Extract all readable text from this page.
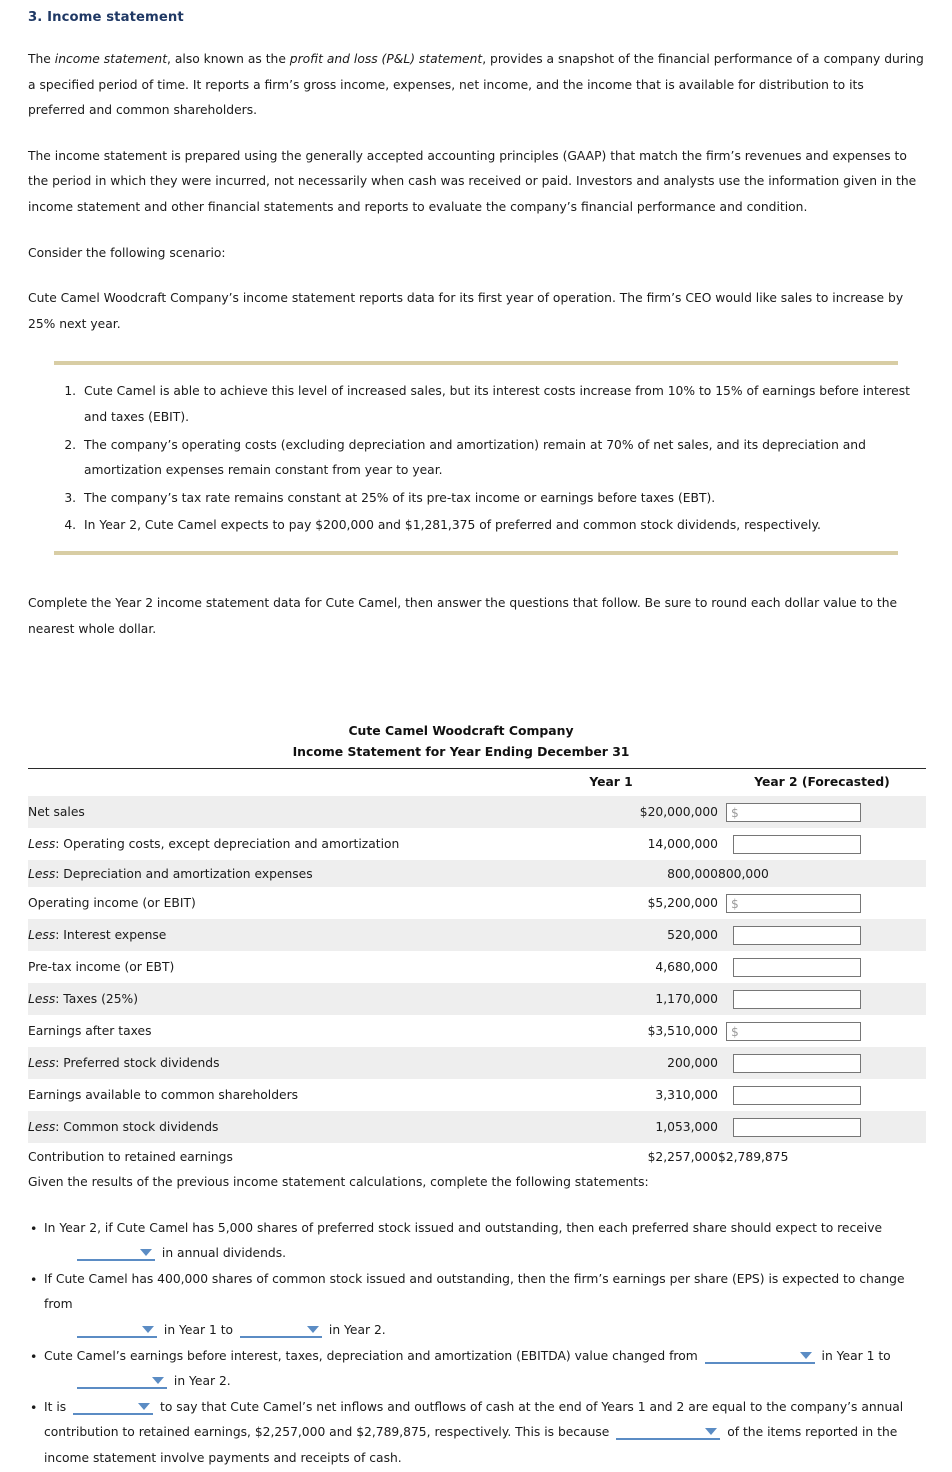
3. Income statement

The income statement, also known as the profit and loss (P&L) statement, provides a snapshot of the financial performance of a company during a specified period of time. It reports a firm’s gross income, expenses, net income, and the income that is available for distribution to its preferred and common shareholders.

The income statement is prepared using the generally accepted accounting principles (GAAP) that match the firm’s revenues and expenses to the period in which they were incurred, not necessarily when cash was received or paid. Investors and analysts use the information given in the income statement and other financial statements and reports to evaluate the company’s financial performance and condition.

Consider the following scenario:

Cute Camel Woodcraft Company’s income statement reports data for its first year of operation. The firm’s CEO would like sales to increase by 25% next year.

1. Cute Camel is able to achieve this level of increased sales, but its interest costs increase from 10% to 15% of earnings before interest and taxes (EBIT).
2. The company’s operating costs (excluding depreciation and amortization) remain at 70% of net sales, and its depreciation and amortization expenses remain constant from year to year.
3. The company’s tax rate remains constant at 25% of its pre-tax income or earnings before taxes (EBT).
4. In Year 2, Cute Camel expects to pay $200,000 and $1,281,375 of preferred and common stock dividends, respectively.

Complete the Year 2 income statement data for Cute Camel, then answer the questions that follow. Be sure to round each dollar value to the nearest whole dollar.

Cute Camel Woodcraft Company
Income Statement for Year Ending December 31
	Year 1	Year 2 (Forecasted)
Net sales	$20,000,000	$
Less: Operating costs, except depreciation and amortization	14,000,000	
Less: Depreciation and amortization expenses	800,000	800,000
Operating income (or EBIT)	$5,200,000	$
Less: Interest expense	520,000	
Pre-tax income (or EBT)	4,680,000	
Less: Taxes (25%)	1,170,000	
Earnings after taxes	$3,510,000	$
Less: Preferred stock dividends	200,000	
Earnings available to common shareholders	3,310,000	
Less: Common stock dividends	1,053,000	
Contribution to retained earnings	$2,257,000	$2,789,875

Given the results of the previous income statement calculations, complete the following statements:

• In Year 2, if Cute Camel has 5,000 shares of preferred stock issued and outstanding, then each preferred share should expect to receive

in annual dividends.
• If Cute Camel has 400,000 shares of common stock issued and outstanding, then the firm’s earnings per share (EPS) is expected to change from

in Year 1 to	in Year 2.
• Cute Camel’s earnings before interest, taxes, depreciation and amortization (EBITDA) value changed from	in Year 1 to

in Year 2.
• It is	to say that Cute Camel’s net inflows and outflows of cash at the end of Years 1 and 2 are equal to the company’s annual contribution to retained earnings, $2,257,000 and $2,789,875, respectively. This is because	of the items reported in the income statement involve payments and receipts of cash.
